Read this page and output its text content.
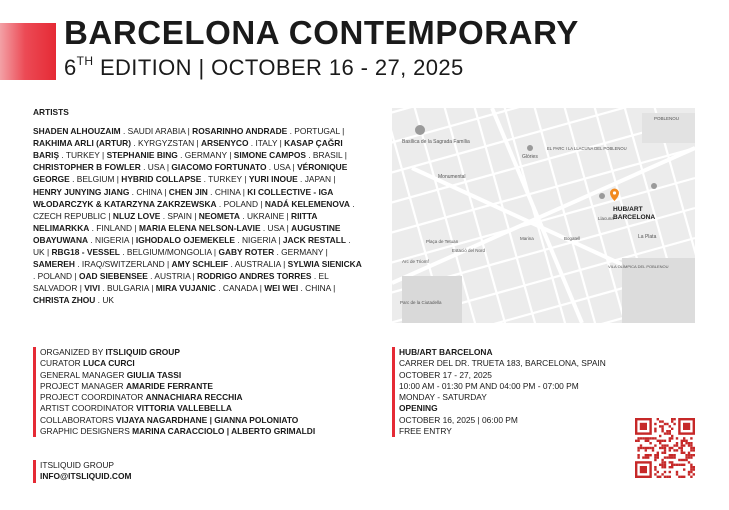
BARCELONA CONTEMPORARY
6TH EDITION | OCTOBER 16 - 27, 2025
ARTISTS
SHADEN ALHOUZAIM . SAUDI ARABIA | ROSARINHO ANDRADE . PORTUGAL | RAKHIMA ARLI (ARTUR) . KYRGYZSTAN | ARSENYCO . ITALY | KASAP ÇAĞRI BARIŞ . TURKEY | STEPHANIE BING . GERMANY | SIMONE CAMPOS . BRASIL | CHRISTOPHER B FOWLER . USA | GIACOMO FORTUNATO . USA | VÉRONIQUE GEORGE . BELGIUM | HYBRID COLLAPSE . TURKEY | YURI INOUE . JAPAN | HENRY JUNYING JIANG . CHINA | CHEN JIN . CHINA | KI COLLECTIVE - IGA WŁODARCZYK & KATARZYNA ZAKRZEWSKA . POLAND | NADÁ KELEMENOVA . CZECH REPUBLIC | NLUZ LOVE . SPAIN | NEOMETA . UKRAINE | RIITTA NELIMARKKA . FINLAND | MARIA ELENA NELSON-LAVIE . USA | AUGUSTINE OBAYUWANA . NIGERIA | IGHODALO OJEMEKELE . NIGERIA | JACK RESTALL . UK | RBG18 - VESSEL . BELGIUM/MONGOLIA | GABY ROTER . GERMANY | SAMEREH . IRAQ/SWITZERLAND | AMY SCHLEIF . AUSTRALIA | SYLWIA SIENICKA . POLAND | OAD SIEBENSEE . AUSTRIA | RODRIGO ANDRES TORRES . EL SALVADOR | VIVI . BULGARIA | MIRA VUJANIC . CANADA | WEI WEI . CHINA | CHRISTA ZHOU . UK
Basílica de la Sagrada Família
Monumental
Glòries
EL PARC I LA LLACUNA DEL POBLENOU
POBLENOU
La Plata
VILA OLÍMPICA DEL POBLENOU
Parc de la Ciutadella
Arc de Triomf
Plaça de Tetuan
Estació del Nord
Bogatell
Marina
Llacuna
HUB/ART BARCELONA
ORGANIZED BY ITSLIQUID GROUP
CURATOR LUCA CURCI
GENERAL MANAGER GIULIA TASSI
PROJECT MANAGER AMARIDE FERRANTE
PROJECT COORDINATOR ANNACHIARA RECCHIA
ARTIST COORDINATOR VITTORIA VALLEBELLA
COLLABORATORS VIJAYA NAGARDHANE | GIANNA POLONIATO
GRAPHIC DESIGNERS MARINA CARACCIOLO | ALBERTO GRIMALDI
ITSLIQUID GROUP
INFO@ITSLIQUID.COM
HUB/ART BARCELONA
CARRER DEL DR. TRUETA 183, BARCELONA, SPAIN
OCTOBER 17 - 27, 2025
10:00 AM - 01:30 PM AND 04:00 PM - 07:00 PM
MONDAY - SATURDAY
OPENING
OCTOBER 16, 2025 | 06:00 PM
FREE ENTRY
